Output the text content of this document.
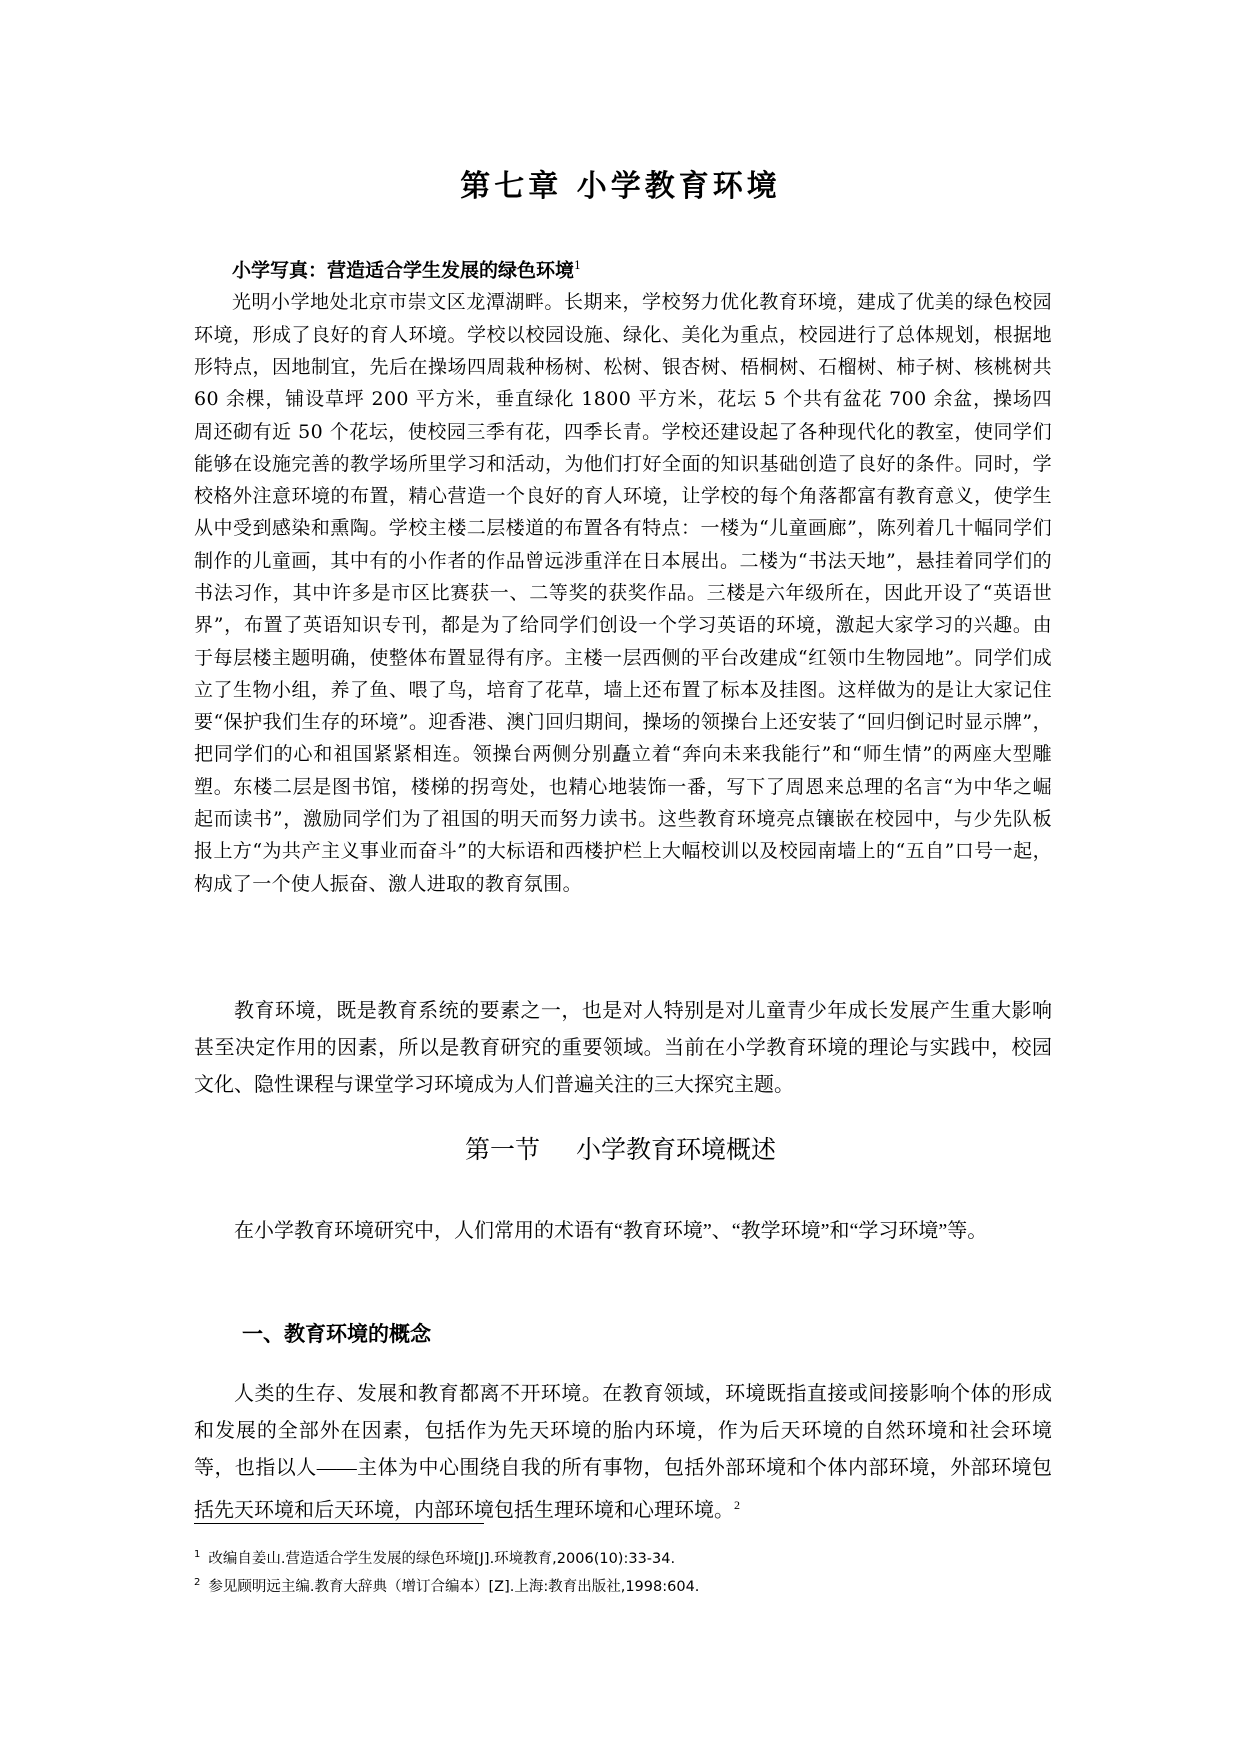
第七章 小学教育环境
小学写真：营造适合学生发展的绿色环境$^1$

光明小学地处北京市崇文区龙潭湖畔。长期来，学校努力优化教育环境，建成了优美的绿色校园环境，形成了良好的育人环境。学校以校园设施、绿化、美化为重点，校园进行了总体规划，根据地形特点，因地制宜，先后在操场四周栽种杨树、松树、银杏树、梧桐树、石榴树、柿子树、核桃树共 60 余棵，铺设草坪 200 平方米，垂直绿化 1800 平方米，花坛 5 个共有盆花 700 余盆，操场四周还砌有近 50 个花坛，使校园三季有花，四季长青。学校还建设起了各种现代化的教室，使同学们能够在设施完善的教学场所里学习和活动，为他们打好全面的知识基础创造了良好的条件。同时，学校格外注意环境的布置，精心营造一个良好的育人环境，让学校的每个角落都富有教育意义，使学生从中受到感染和熏陶。学校主楼二层楼道的布置各有特点：一楼为“儿童画廊”，陈列着几十幅同学们制作的儿童画，其中有的小作者的作品曾远涉重洋在日本展出。二楼为“书法天地”，悬挂着同学们的书法习作，其中许多是市区比赛获一、二等奖的获奖作品。三楼是六年级所在，因此开设了“英语世界”，布置了英语知识专刊，都是为了给同学们创设一个学习英语的环境，激起大家学习的兴趣。由于每层楼主题明确，使整体布置显得有序。主楼一层西侧的平台改建成“红领巾生物园地”。同学们成立了生物小组，养了鱼、喂了鸟，培育了花草，墙上还布置了标本及挂图。这样做为的是让大家记住要“保护我们生存的环境”。迎香港、澳门回归期间，操场的领操台上还安装了“回归倒记时显示牌”，把同学们的心和祖国紧紧相连。领操台两侧分别矗立着“奔向未来我能行”和“师生情”的两座大型雕塑。东楼二层是图书馆，楼梯的拐弯处，也精心地装饰一番，写下了周恩来总理的名言“为中华之崛起而读书”，激励同学们为了祖国的明天而努力读书。这些教育环境亮点镶嵌在校园中，与少先队板报上方“为共产主义事业而奋斗”的大标语和西楼护栏上大幅校训以及校园南墙上的“五自”口号一起，构成了一个使人振奋、激人进取的教育氛围。

教育环境，既是教育系统的要素之一，也是对人特别是对儿童青少年成长发展产生重大影响甚至决定作用的因素，所以是教育研究的重要领域。当前在小学教育环境的理论与实践中，校园文化、隐性课程与课堂学习环境成为人们普遍关注的三大探究主题。

第一节 小学教育环境概述

在小学教育环境研究中，人们常用的术语有“教育环境”、“教学环境”和“学习环境”等。

一、教育环境的概念

人类的生存、发展和教育都离不开环境。在教育领域，环境既指直接或间接影响个体的形成和发展的全部外在因素，包括作为先天环境的胎内环境，作为后天环境的自然环境和社会环境等，也指以人——主体为中心围绕自我的所有事物，包括外部环境和个体内部环境，外部环境包括先天环境和后天环境，内部环境包括生理环境和心理环境。$^2$

$^1$ 改编自姜山.营造适合学生发展的绿色环境[J].环境教育,2006(10):33-34.
$^2$ 参见顾明远主编.教育大辞典（增订合编本）[Z].上海:教育出版社,1998:604.
